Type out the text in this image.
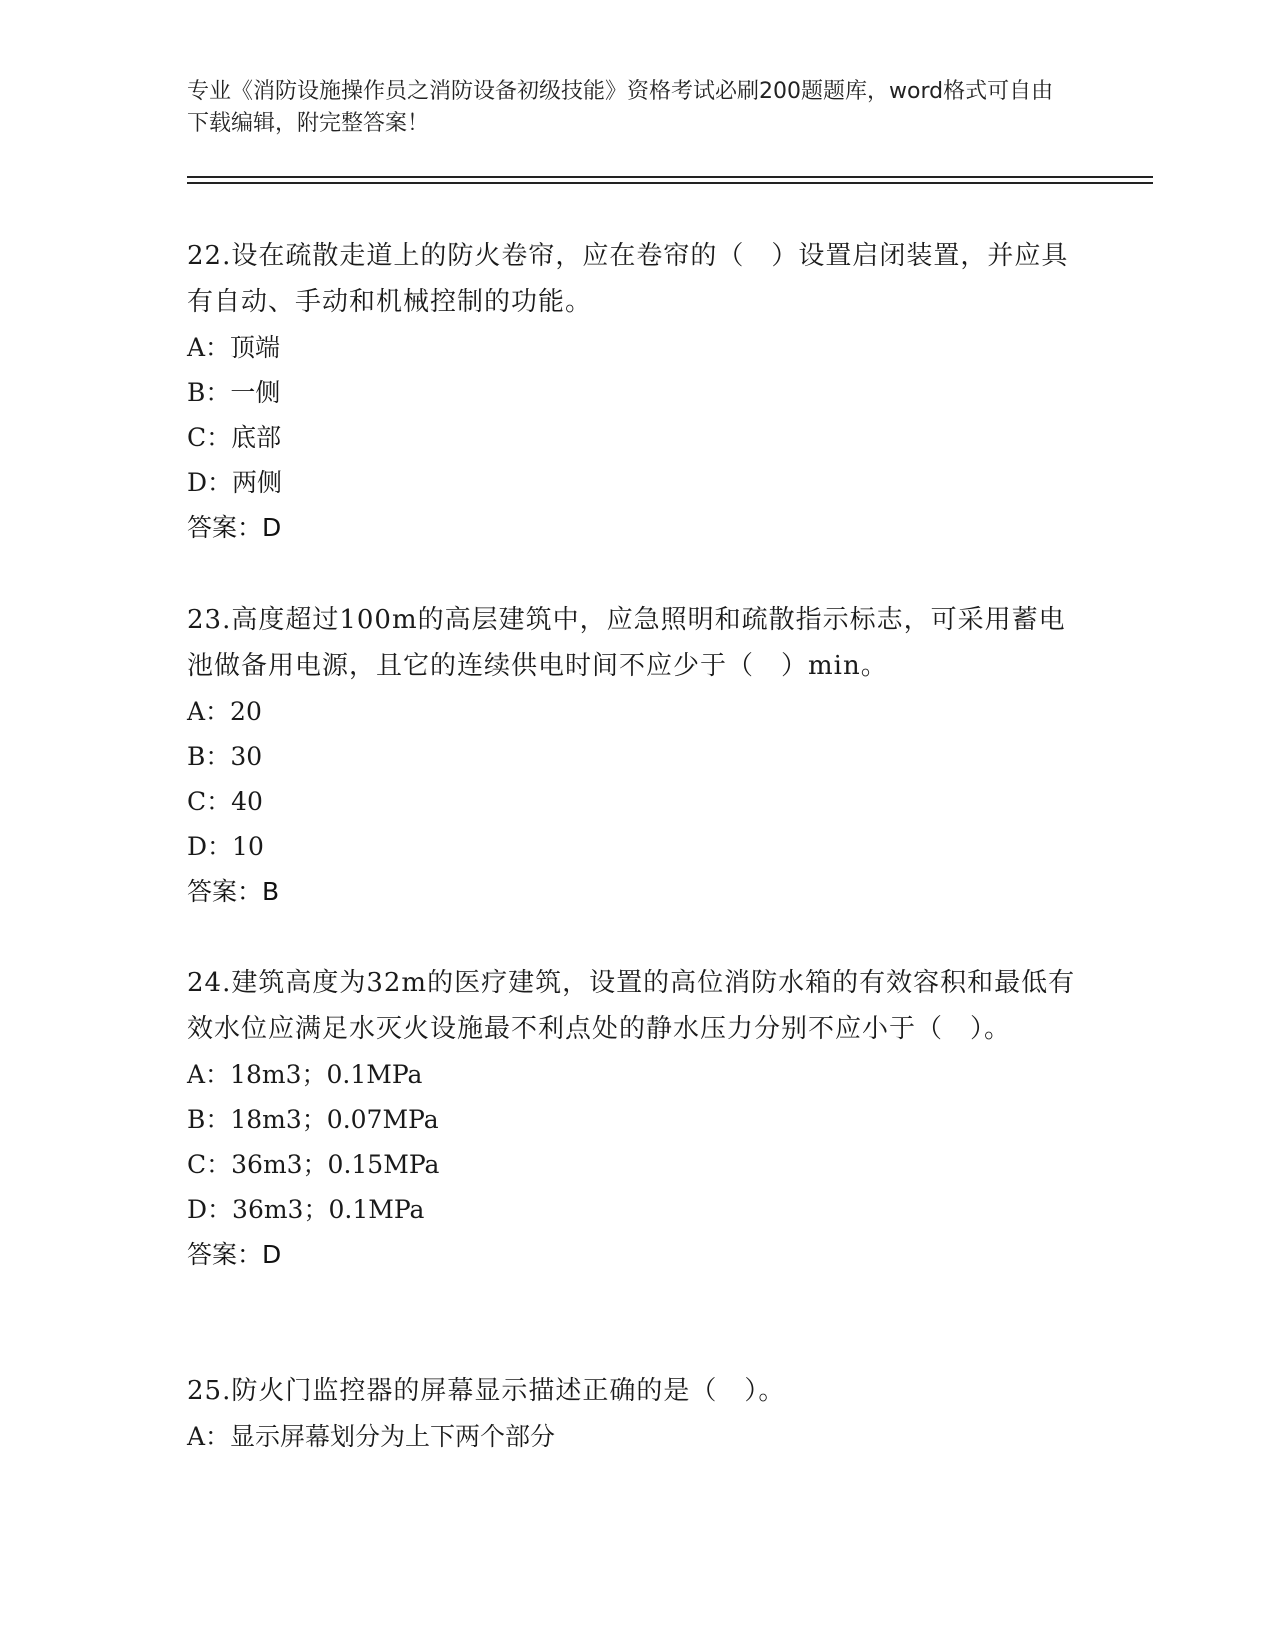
专业《消防设施操作员之消防设备初级技能》资格考试必刷200题题库，word格式可自由下载编辑，附完整答案！

22.设在疏散走道上的防火卷帘，应在卷帘的（　）设置启闭装置，并应具有自动、手动和机械控制的功能。

A：顶端

B：一侧

C：底部

D：两侧

答案：D

23.高度超过100m的高层建筑中，应急照明和疏散指示标志，可采用蓄电池做备用电源，且它的连续供电时间不应少于（　）min。

A：20

B：30

C：40

D：10

答案：B

24.建筑高度为32m的医疗建筑，设置的高位消防水箱的有效容积和最低有效水位应满足水灭火设施最不利点处的静水压力分别不应小于（　）。

A：18m3；0.1MPa

B：18m3；0.07MPa

C：36m3；0.15MPa

D：36m3；0.1MPa

答案：D

25.防火门监控器的屏幕显示描述正确的是（　）。

A：显示屏幕划分为上下两个部分
